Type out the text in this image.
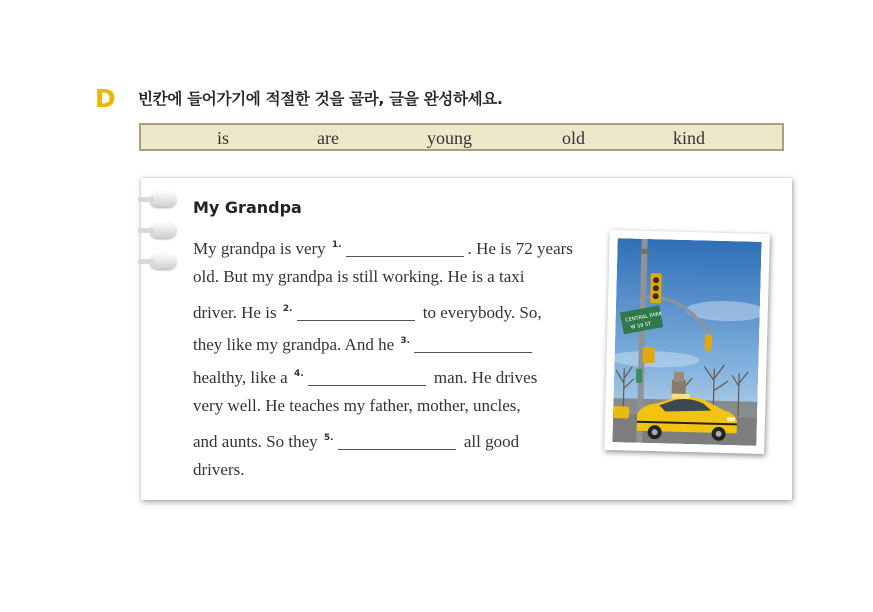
D 빈칸에 들어가기에 적절한 것을 골라, 글을 완성하세요.
is	are	young	old	kind
My Grandpa
My grandpa is very $^{1.}$	. He is 72 years
old. But my grandpa is still working. He is a taxi
driver. He is $^{2.}$	to everybody. So,
they like my grandpa. And he $^{3.}$
healthy, like a $^{4.}$	man. He drives
very well. He teaches my father, mother, uncles,
and aunts. So they $^{5.}$	all good
drivers.
CENTRAL PARK
W 59 ST
